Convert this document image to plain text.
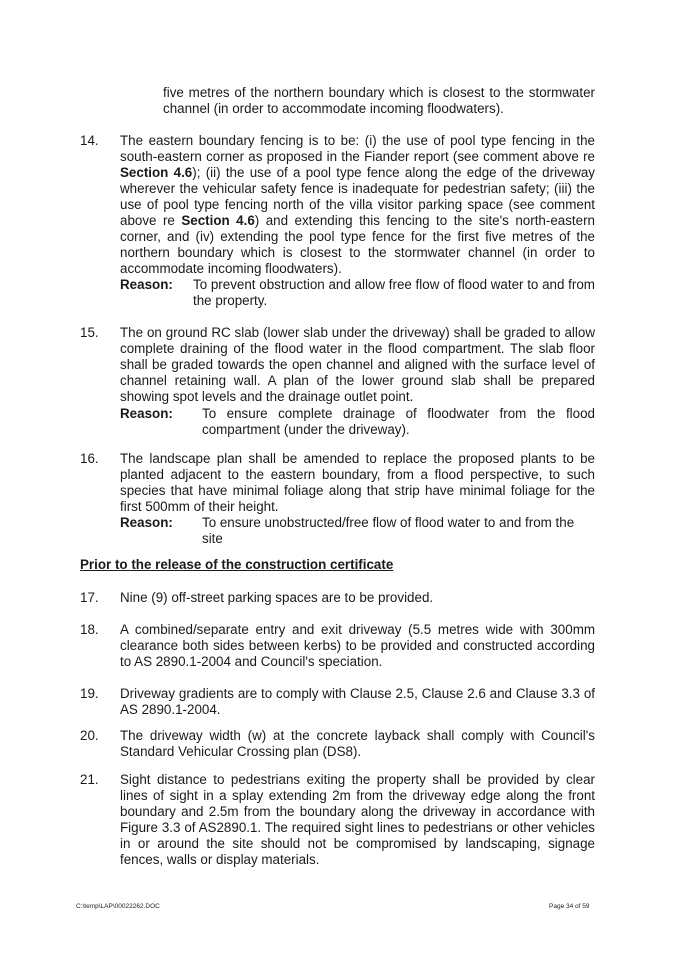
five metres of the northern boundary which is closest to the stormwater channel (in order to accommodate incoming floodwaters).
14. The eastern boundary fencing is to be: (i) the use of pool type fencing in the south-eastern corner as proposed in the Fiander report (see comment above re Section 4.6); (ii) the use of a pool type fence along the edge of the driveway wherever the vehicular safety fence is inadequate for pedestrian safety; (iii) the use of pool type fencing north of the villa visitor parking space (see comment above re Section 4.6) and extending this fencing to the site's north-eastern corner, and (iv) extending the pool type fence for the first five metres of the northern boundary which is closest to the stormwater channel (in order to accommodate incoming floodwaters).
Reason: To prevent obstruction and allow free flow of flood water to and from the property.
15. The on ground RC slab (lower slab under the driveway) shall be graded to allow complete draining of the flood water in the flood compartment. The slab floor shall be graded towards the open channel and aligned with the surface level of channel retaining wall. A plan of the lower ground slab shall be prepared showing spot levels and the drainage outlet point.
Reason: To ensure complete drainage of floodwater from the flood compartment (under the driveway).
16. The landscape plan shall be amended to replace the proposed plants to be planted adjacent to the eastern boundary, from a flood perspective, to such species that have minimal foliage along that strip have minimal foliage for the first 500mm of their height.
Reason: To ensure unobstructed/free flow of flood water to and from the site
Prior to the release of the construction certificate
17. Nine (9) off-street parking spaces are to be provided.
18. A combined/separate entry and exit driveway (5.5 metres wide with 300mm clearance both sides between kerbs) to be provided and constructed according to AS 2890.1-2004 and Council's speciation.
19. Driveway gradients are to comply with Clause 2.5, Clause 2.6 and Clause 3.3 of AS 2890.1-2004.
20. The driveway width (w) at the concrete layback shall comply with Council's Standard Vehicular Crossing plan (DS8).
21. Sight distance to pedestrians exiting the property shall be provided by clear lines of sight in a splay extending 2m from the driveway edge along the front boundary and 2.5m from the boundary along the driveway in accordance with Figure 3.3 of AS2890.1. The required sight lines to pedestrians or other vehicles in or around the site should not be compromised by landscaping, signage fences, walls or display materials.
C:\temp\LAP\00022262.DOC	Page 34 of 59
